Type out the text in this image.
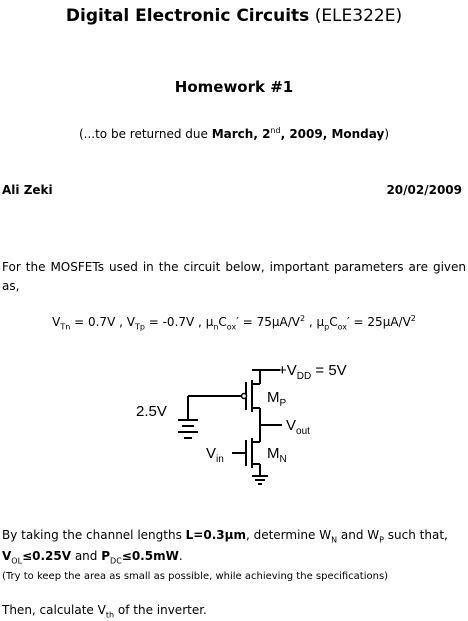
Digital Electronic Circuits (ELE322E)
Homework #1
(...to be returned due March, 2nd, 2009, Monday)
Ali Zeki	20/02/2009
For the MOSFETs used in the circuit below, important parameters are given as,
$V_{Tn} = 0.7V$ , $V_{Tp} = -0.7V$ , $\mu_nC_{ox}' = 75\mu A/V^2$ , $\mu_pC_{ox}' = 25\mu A/V^2$
$+V_{DD} = 5V$
$M_P$
2.5V
$V_{out}$
$V_{in}$	$M_N$
By taking the channel lengths L=0.3μm, determine $W_N$ and $W_P$ such that,
$V_{OL}\le 0.25V$ and $P_{DC}\le 0.5mW$.
(Try to keep the area as small as possible, while achieving the specifications)
Then, calculate $V_{th}$ of the inverter.
